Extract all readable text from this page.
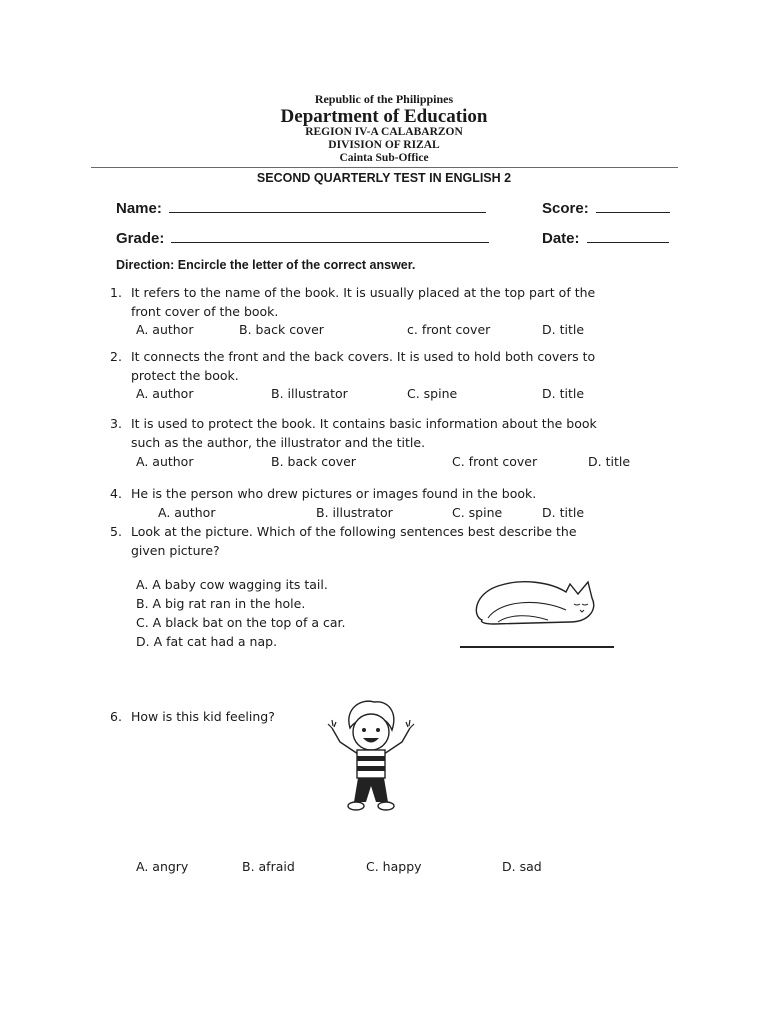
Republic of the Philippines
Department of Education
REGION IV-A CALABARZON
DIVISION OF RIZAL
Cainta Sub-Office
SECOND QUARTERLY TEST IN ENGLISH 2
Name:	Score:
Grade:	Date:
Direction: Encircle the letter of the correct answer.
1. It refers to the name of the book. It is usually placed at the top part of the
front cover of the book.
A. author	B. back cover	c. front cover	D. title
2. It connects the front and the back covers. It is used to hold both covers to
protect the book.
A. author	B. illustrator	C. spine	D. title
3. It is used to protect the book. It contains basic information about the book
such as the author, the illustrator and the title.
A. author	B. back cover	C. front cover	D. title
4. He is the person who drew pictures or images found in the book.
A. author	B. illustrator	C. spine	D. title
5. Look at the picture. Which of the following sentences best describe the
given picture?
A. A baby cow wagging its tail.
B. A big rat ran in the hole.
C. A black bat on the top of a car.
D. A fat cat had a nap.
6. How is this kid feeling?
A. angry	B. afraid	C. happy	D. sad
